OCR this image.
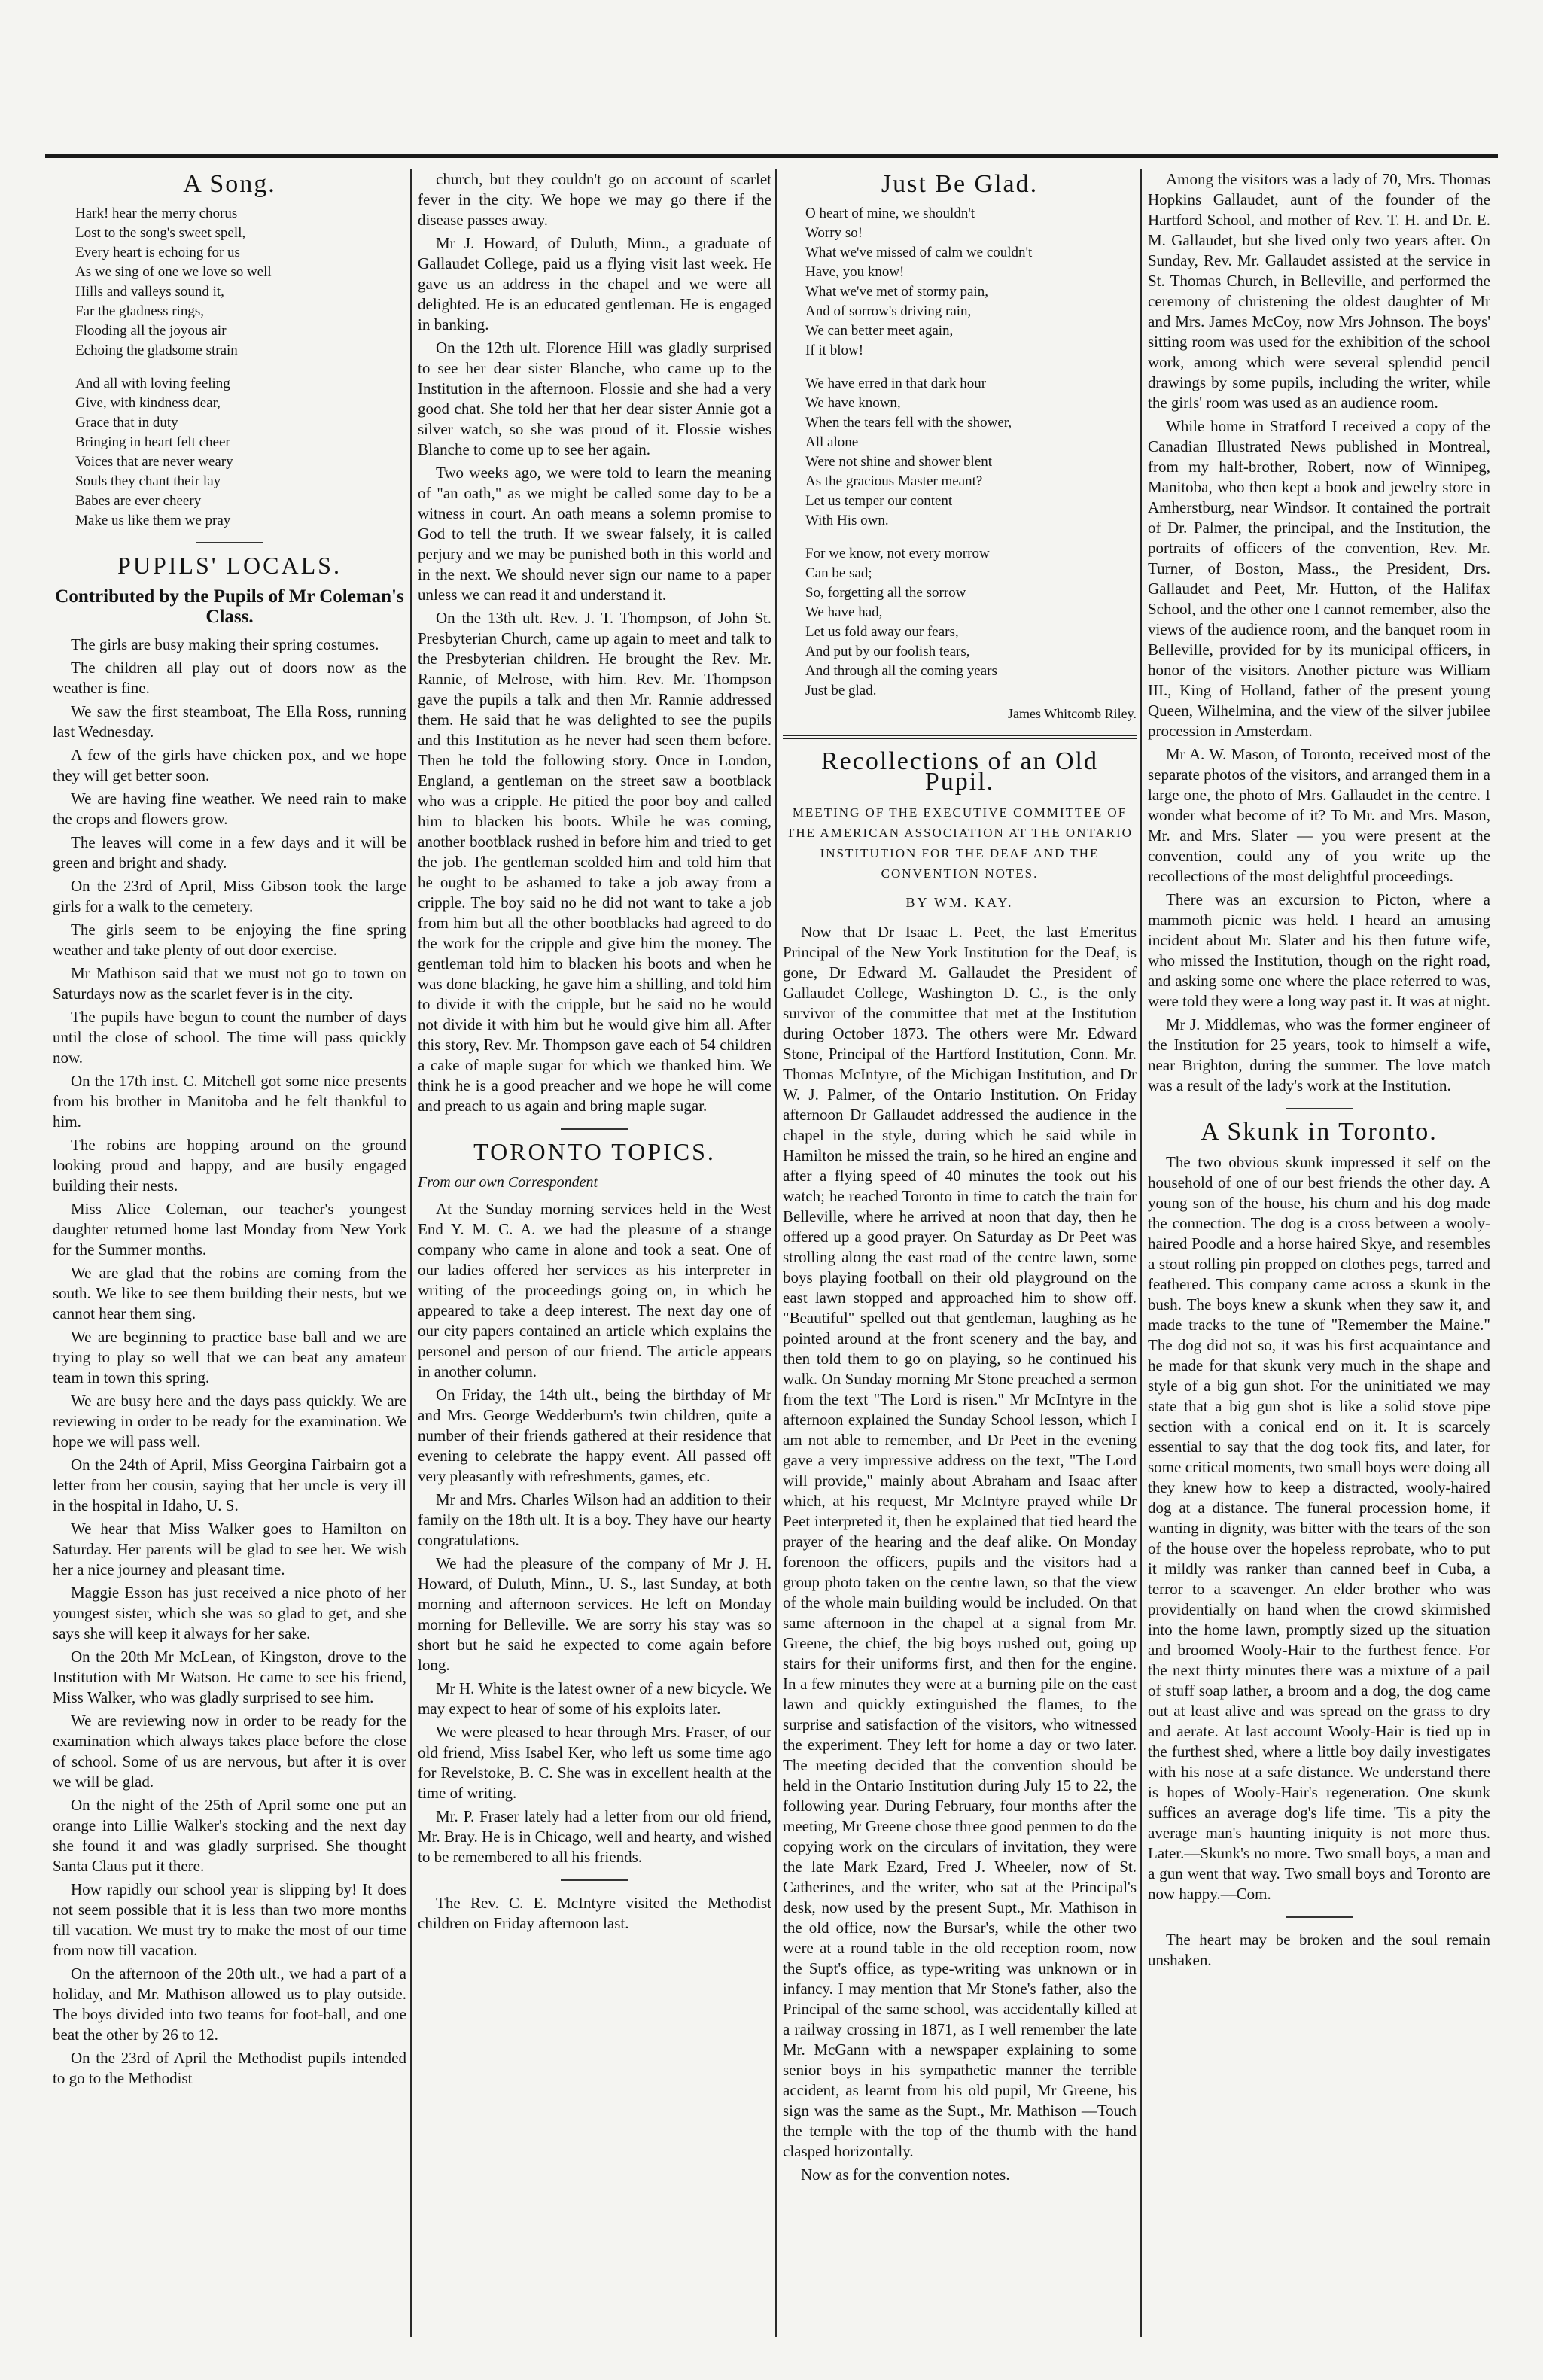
A Song.

Hark! hear the merry chorus

Lost to the song's sweet spell,

Every heart is echoing for us

As we sing of one we love so well

Hills and valleys sound it,

Far the gladness rings,

Flooding all the joyous air

Echoing the gladsome strain

And all with loving feeling

Give, with kindness dear,

Grace that in duty

Bringing in heart felt cheer

Voices that are never weary

Souls they chant their lay

Babes are ever cheery

Make us like them we pray

PUPILS' LOCALS.
Contributed by the Pupils of Mr Coleman's Class.

The girls are busy making their spring costumes.

The children all play out of doors now as the weather is fine.

We saw the first steamboat, The Ella Ross, running last Wednesday.

A few of the girls have chicken pox, and we hope they will get better soon.

We are having fine weather. We need rain to make the crops and flowers grow.

The leaves will come in a few days and it will be green and bright and shady.

On the 23rd of April, Miss Gibson took the large girls for a walk to the cemetery.

The girls seem to be enjoying the fine spring weather and take plenty of out door exercise.

Mr Mathison said that we must not go to town on Saturdays now as the scarlet fever is in the city.

The pupils have begun to count the number of days until the close of school. The time will pass quickly now.

On the 17th inst. C. Mitchell got some nice presents from his brother in Manitoba and he felt thankful to him.

The robins are hopping around on the ground looking proud and happy, and are busily engaged building their nests.

Miss Alice Coleman, our teacher's youngest daughter returned home last Monday from New York for the Summer months.

We are glad that the robins are coming from the south. We like to see them building their nests, but we cannot hear them sing.

We are beginning to practice base ball and we are trying to play so well that we can beat any amateur team in town this spring.

We are busy here and the days pass quickly. We are reviewing in order to be ready for the examination. We hope we will pass well.

On the 24th of April, Miss Georgina Fairbairn got a letter from her cousin, saying that her uncle is very ill in the hospital in Idaho, U. S.

We hear that Miss Walker goes to Hamilton on Saturday. Her parents will be glad to see her. We wish her a nice journey and pleasant time.

Maggie Esson has just received a nice photo of her youngest sister, which she was so glad to get, and she says she will keep it always for her sake.

On the 20th Mr McLean, of Kingston, drove to the Institution with Mr Watson. He came to see his friend, Miss Walker, who was gladly surprised to see him.

We are reviewing now in order to be ready for the examination which always takes place before the close of school. Some of us are nervous, but after it is over we will be glad.

On the night of the 25th of April some one put an orange into Lillie Walker's stocking and the next day she found it and was gladly surprised. She thought Santa Claus put it there.

How rapidly our school year is slipping by! It does not seem possible that it is less than two more months till vacation. We must try to make the most of our time from now till vacation.

On the afternoon of the 20th ult., we had a part of a holiday, and Mr. Mathison allowed us to play outside. The boys divided into two teams for foot-ball, and one beat the other by 26 to 12.

On the 23rd of April the Methodist pupils intended to go to the Methodist

church, but they couldn't go on account of scarlet fever in the city. We hope we may go there if the disease passes away.

Mr J. Howard, of Duluth, Minn., a graduate of Gallaudet College, paid us a flying visit last week. He gave us an address in the chapel and we were all delighted. He is an educated gentleman. He is engaged in banking.

On the 12th ult. Florence Hill was gladly surprised to see her dear sister Blanche, who came up to the Institution in the afternoon. Flossie and she had a very good chat. She told her that her dear sister Annie got a silver watch, so she was proud of it. Flossie wishes Blanche to come up to see her again.

Two weeks ago, we were told to learn the meaning of "an oath," as we might be called some day to be a witness in court. An oath means a solemn promise to God to tell the truth. If we swear falsely, it is called perjury and we may be punished both in this world and in the next. We should never sign our name to a paper unless we can read it and understand it.

On the 13th ult. Rev. J. T. Thompson, of John St. Presbyterian Church, came up again to meet and talk to the Presbyterian children. He brought the Rev. Mr. Rannie, of Melrose, with him. Rev. Mr. Thompson gave the pupils a talk and then Mr. Rannie addressed them. He said that he was delighted to see the pupils and this Institution as he never had seen them before. Then he told the following story. Once in London, England, a gentleman on the street saw a bootblack who was a cripple. He pitied the poor boy and called him to blacken his boots. While he was coming, another bootblack rushed in before him and tried to get the job. The gentleman scolded him and told him that he ought to be ashamed to take a job away from a cripple. The boy said no he did not want to take a job from him but all the other bootblacks had agreed to do the work for the cripple and give him the money. The gentleman told him to blacken his boots and when he was done blacking, he gave him a shilling, and told him to divide it with the cripple, but he said no he would not divide it with him but he would give him all. After this story, Rev. Mr. Thompson gave each of 54 children a cake of maple sugar for which we thanked him. We think he is a good preacher and we hope he will come and preach to us again and bring maple sugar.

TORONTO TOPICS.
From our own Correspondent

At the Sunday morning services held in the West End Y. M. C. A. we had the pleasure of a strange company who came in alone and took a seat. One of our ladies offered her services as his interpreter in writing of the proceedings going on, in which he appeared to take a deep interest. The next day one of our city papers contained an article which explains the personel and person of our friend. The article appears in another column.

On Friday, the 14th ult., being the birthday of Mr and Mrs. George Wedderburn's twin children, quite a number of their friends gathered at their residence that evening to celebrate the happy event. All passed off very pleasantly with refreshments, games, etc.

Mr and Mrs. Charles Wilson had an addition to their family on the 18th ult. It is a boy. They have our hearty congratulations.

We had the pleasure of the company of Mr J. H. Howard, of Duluth, Minn., U. S., last Sunday, at both morning and afternoon services. He left on Monday morning for Belleville. We are sorry his stay was so short but he said he expected to come again before long.

Mr H. White is the latest owner of a new bicycle. We may expect to hear of some of his exploits later.

We were pleased to hear through Mrs. Fraser, of our old friend, Miss Isabel Ker, who left us some time ago for Revelstoke, B. C. She was in excellent health at the time of writing.

Mr. P. Fraser lately had a letter from our old friend, Mr. Bray. He is in Chicago, well and hearty, and wished to be remembered to all his friends.

The Rev. C. E. McIntyre visited the Methodist children on Friday afternoon last.

Just Be Glad.

O heart of mine, we shouldn't

Worry so!

What we've missed of calm we couldn't

Have, you know!

What we've met of stormy pain,

And of sorrow's driving rain,

We can better meet again,

If it blow!

We have erred in that dark hour

We have known,

When the tears fell with the shower,

All alone—

Were not shine and shower blent

As the gracious Master meant?

Let us temper our content

With His own.

For we know, not every morrow

Can be sad;

So, forgetting all the sorrow

We have had,

Let us fold away our fears,

And put by our foolish tears,

And through all the coming years

Just be glad.

James Whitcomb Riley.
Recollections of an Old Pupil.
MEETING OF THE EXECUTIVE COMMITTEE OF THE AMERICAN ASSOCIATION AT THE ONTARIO INSTITUTION FOR THE DEAF AND THE CONVENTION NOTES.
BY WM. KAY.

Now that Dr Isaac L. Peet, the last Emeritus Principal of the New York Institution for the Deaf, is gone, Dr Edward M. Gallaudet the President of Gallaudet College, Washington D. C., is the only survivor of the committee that met at the Institution during October 1873. The others were Mr. Edward Stone, Principal of the Hartford Institution, Conn. Mr. Thomas McIntyre, of the Michigan Institution, and Dr W. J. Palmer, of the Ontario Institution. On Friday afternoon Dr Gallaudet addressed the audience in the chapel in the style, during which he said while in Hamilton he missed the train, so he hired an engine and after a flying speed of 40 minutes the took out his watch; he reached Toronto in time to catch the train for Belleville, where he arrived at noon that day, then he offered up a good prayer. On Saturday as Dr Peet was strolling along the east road of the centre lawn, some boys playing football on their old playground on the east lawn stopped and approached him to show off. "Beautiful" spelled out that gentleman, laughing as he pointed around at the front scenery and the bay, and then told them to go on playing, so he continued his walk. On Sunday morning Mr Stone preached a sermon from the text "The Lord is risen." Mr McIntyre in the afternoon explained the Sunday School lesson, which I am not able to remember, and Dr Peet in the evening gave a very impressive address on the text, "The Lord will provide," mainly about Abraham and Isaac after which, at his request, Mr McIntyre prayed while Dr Peet interpreted it, then he explained that tied heard the prayer of the hearing and the deaf alike. On Monday forenoon the officers, pupils and the visitors had a group photo taken on the centre lawn, so that the view of the whole main building would be included. On that same afternoon in the chapel at a signal from Mr. Greene, the chief, the big boys rushed out, going up stairs for their uniforms first, and then for the engine. In a few minutes they were at a burning pile on the east lawn and quickly extinguished the flames, to the surprise and satisfaction of the visitors, who witnessed the experiment. They left for home a day or two later. The meeting decided that the convention should be held in the Ontario Institution during July 15 to 22, the following year. During February, four months after the meeting, Mr Greene chose three good penmen to do the copying work on the circulars of invitation, they were the late Mark Ezard, Fred J. Wheeler, now of St. Catherines, and the writer, who sat at the Principal's desk, now used by the present Supt., Mr. Mathison in the old office, now the Bursar's, while the other two were at a round table in the old reception room, now the Supt's office, as type-writing was unknown or in infancy. I may mention that Mr Stone's father, also the Principal of the same school, was accidentally killed at a railway crossing in 1871, as I well remember the late Mr. McGann with a newspaper explaining to some senior boys in his sympathetic manner the terrible accident, as learnt from his old pupil, Mr Greene, his sign was the same as the Supt., Mr. Mathison —Touch the temple with the top of the thumb with the hand clasped horizontally.

Now as for the convention notes.

Among the visitors was a lady of 70, Mrs. Thomas Hopkins Gallaudet, aunt of the founder of the Hartford School, and mother of Rev. T. H. and Dr. E. M. Gallaudet, but she lived only two years after. On Sunday, Rev. Mr. Gallaudet assisted at the service in St. Thomas Church, in Belleville, and performed the ceremony of christening the oldest daughter of Mr and Mrs. James McCoy, now Mrs Johnson. The boys' sitting room was used for the exhibition of the school work, among which were several splendid pencil drawings by some pupils, including the writer, while the girls' room was used as an audience room.

While home in Stratford I received a copy of the Canadian Illustrated News published in Montreal, from my half-brother, Robert, now of Winnipeg, Manitoba, who then kept a book and jewelry store in Amherstburg, near Windsor. It contained the portrait of Dr. Palmer, the principal, and the Institution, the portraits of officers of the convention, Rev. Mr. Turner, of Boston, Mass., the President, Drs. Gallaudet and Peet, Mr. Hutton, of the Halifax School, and the other one I cannot remember, also the views of the audience room, and the banquet room in Belleville, provided for by its municipal officers, in honor of the visitors. Another picture was William III., King of Holland, father of the present young Queen, Wilhelmina, and the view of the silver jubilee procession in Amsterdam.

Mr A. W. Mason, of Toronto, received most of the separate photos of the visitors, and arranged them in a large one, the photo of Mrs. Gallaudet in the centre. I wonder what become of it? To Mr. and Mrs. Mason, Mr. and Mrs. Slater — you were present at the convention, could any of you write up the recollections of the most delightful proceedings.

There was an excursion to Picton, where a mammoth picnic was held. I heard an amusing incident about Mr. Slater and his then future wife, who missed the Institution, though on the right road, and asking some one where the place referred to was, were told they were a long way past it. It was at night.

Mr J. Middlemas, who was the former engineer of the Institution for 25 years, took to himself a wife, near Brighton, during the summer. The love match was a result of the lady's work at the Institution.

A Skunk in Toronto.

The two obvious skunk impressed it self on the household of one of our best friends the other day. A young son of the house, his chum and his dog made the connection. The dog is a cross between a wooly-haired Poodle and a horse haired Skye, and resembles a stout rolling pin propped on clothes pegs, tarred and feathered. This company came across a skunk in the bush. The boys knew a skunk when they saw it, and made tracks to the tune of "Remember the Maine." The dog did not so, it was his first acquaintance and he made for that skunk very much in the shape and style of a big gun shot. For the uninitiated we may state that a big gun shot is like a solid stove pipe section with a conical end on it. It is scarcely essential to say that the dog took fits, and later, for some critical moments, two small boys were doing all they knew how to keep a distracted, wooly-haired dog at a distance. The funeral procession home, if wanting in dignity, was bitter with the tears of the son of the house over the hopeless reprobate, who to put it mildly was ranker than canned beef in Cuba, a terror to a scavenger. An elder brother who was providentially on hand when the crowd skirmished into the home lawn, promptly sized up the situation and broomed Wooly-Hair to the furthest fence. For the next thirty minutes there was a mixture of a pail of stuff soap lather, a broom and a dog, the dog came out at least alive and was spread on the grass to dry and aerate. At last account Wooly-Hair is tied up in the furthest shed, where a little boy daily investigates with his nose at a safe distance. We understand there is hopes of Wooly-Hair's regeneration. One skunk suffices an average dog's life time. 'Tis a pity the average man's haunting iniquity is not more thus. Later.—Skunk's no more. Two small boys, a man and a gun went that way. Two small boys and Toronto are now happy.—Com.

The heart may be broken and the soul remain unshaken.
